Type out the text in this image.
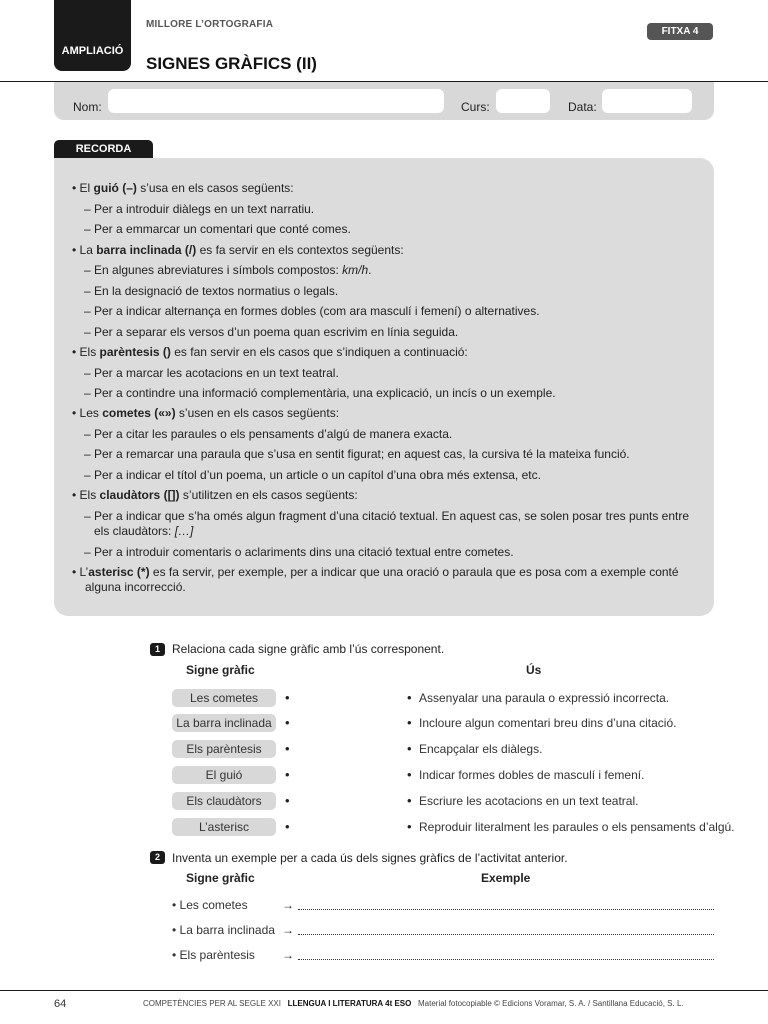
AMPLIACIÓ
MILLORE L’ORTOGRAFIA
SIGNES GRÀFICS (II)
FITXA 4
Nom:	Curs:	Data:
RECORDA
• El guió (–) s’usa en els casos següents:
– Per a introduir diàlegs en un text narratiu.
– Per a emmarcar un comentari que conté comes.
• La barra inclinada (/) es fa servir en els contextos següents:
– En algunes abreviatures i símbols compostos: km/h.
– En la designació de textos normatius o legals.
– Per a indicar alternança en formes dobles (com ara masculí i femení) o alternatives.
– Per a separar els versos d’un poema quan escrivim en línia seguida.
• Els parèntesis () es fan servir en els casos que s’indiquen a continuació:
– Per a marcar les acotacions en un text teatral.
– Per a contindre una informació complementària, una explicació, un incís o un exemple.
• Les cometes («») s’usen en els casos següents:
– Per a citar les paraules o els pensaments d’algú de manera exacta.
– Per a remarcar una paraula que s’usa en sentit figurat; en aquest cas, la cursiva té la mateixa funció.
– Per a indicar el títol d’un poema, un article o un capítol d’una obra més extensa, etc.
• Els claudàtors ([]) s’utilitzen en els casos següents:
– Per a indicar que s’ha omés algun fragment d’una citació textual. En aquest cas, se solen posar tres punts entre
els claudàtors: […]
– Per a introduir comentaris o aclariments dins una citació textual entre cometes.
• L’asterisc (*) es fa servir, per exemple, per a indicar que una oració o paraula que es posa com a exemple conté
alguna incorrecció.
1	Relaciona cada signe gràfic amb l’ús corresponent.
Signe gràfic	Ús
Les cometes	•	• Assenyalar una paraula o expressió incorrecta.
La barra inclinada	•	• Incloure algun comentari breu dins d’una citació.
Els parèntesis	•	• Encapçalar els diàlegs.
El guió	•	• Indicar formes dobles de masculí i femení.
Els claudàtors	•	• Escriure les acotacions en un text teatral.
L’asterisc	•	• Reproduir literalment les paraules o els pensaments d’algú.
2	Inventa un exemple per a cada ús dels signes gràfics de l’activitat anterior.
Signe gràfic	Exemple
• Les cometes	→
• La barra inclinada →
• Els parèntesis →
64	COMPETÈNCIES PER AL SEGLE XXI LLENGUA I LITERATURA 4t ESO Material fotocopiable © Edicions Voramar, S. A. / Santillana Educació, S. L.
